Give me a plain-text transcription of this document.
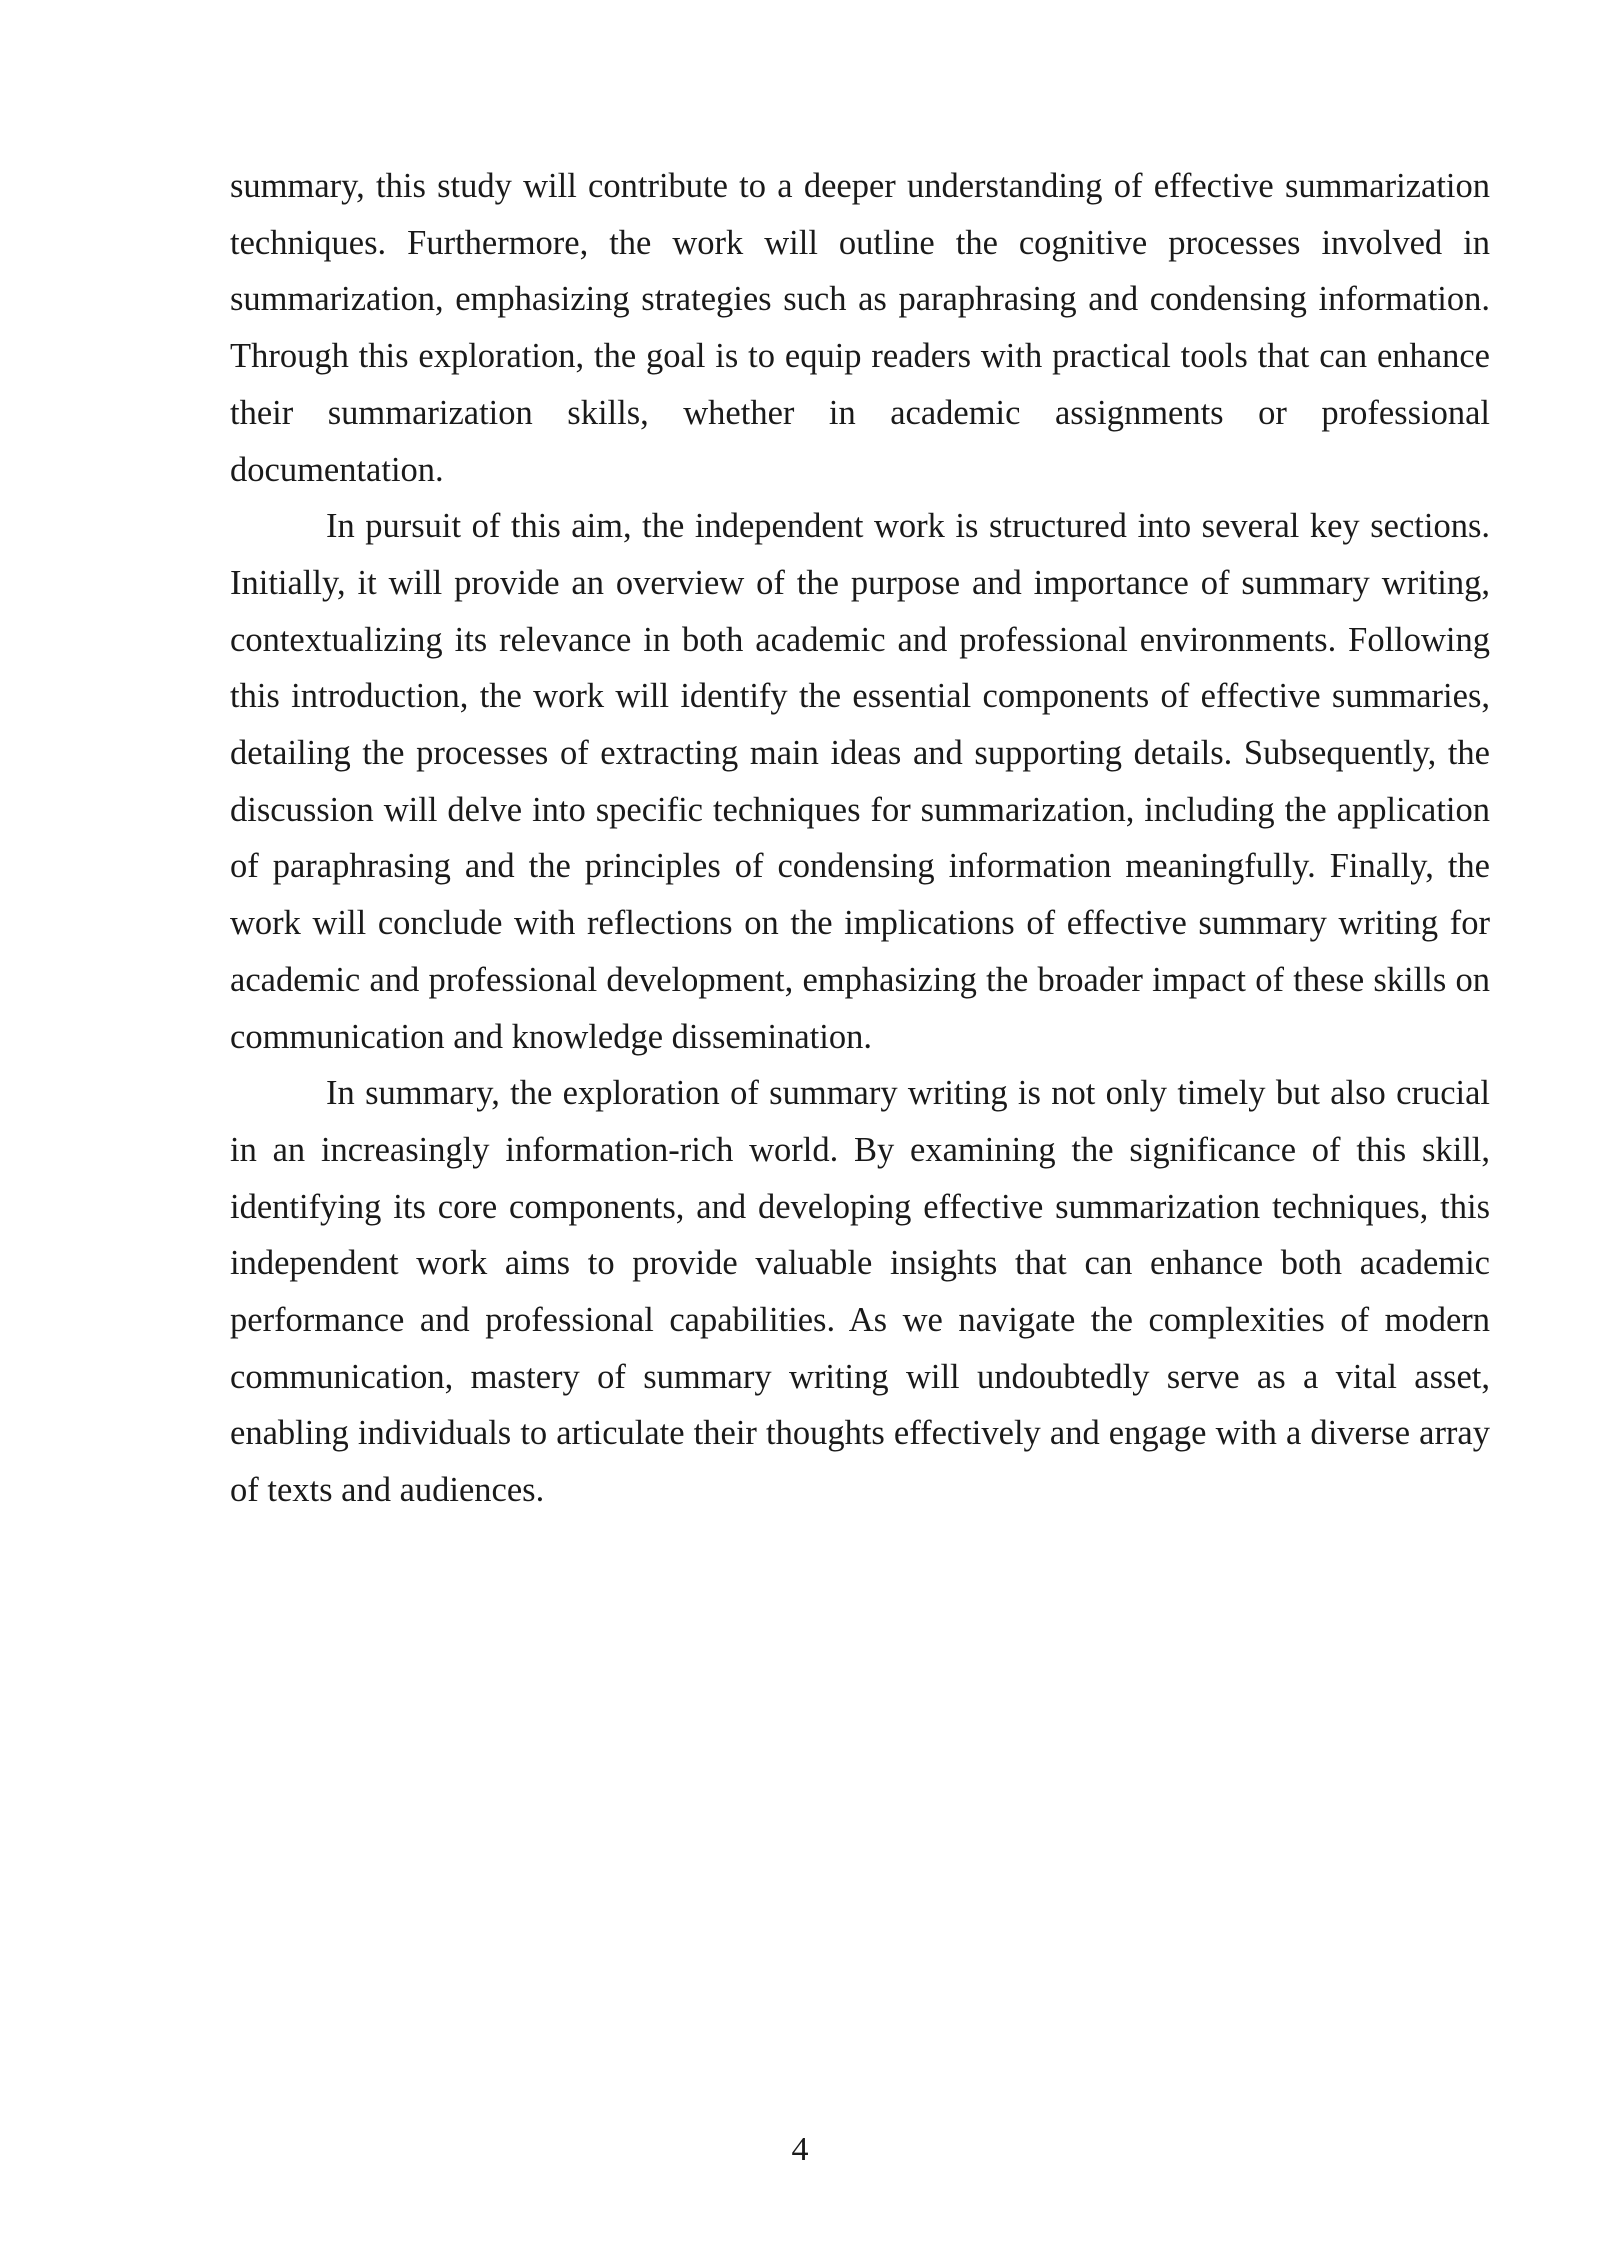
summary, this study will contribute to a deeper understanding of effective summarization techniques. Furthermore, the work will outline the cognitive processes involved in summarization, emphasizing strategies such as paraphrasing and condensing information. Through this exploration, the goal is to equip readers with practical tools that can enhance their summarization skills, whether in academic assignments or professional documentation.

In pursuit of this aim, the independent work is structured into several key sections. Initially, it will provide an overview of the purpose and importance of summary writing, contextualizing its relevance in both academic and professional environments. Following this introduction, the work will identify the essential components of effective summaries, detailing the processes of extracting main ideas and supporting details. Subsequently, the discussion will delve into specific techniques for summarization, including the application of paraphrasing and the principles of condensing information meaningfully. Finally, the work will conclude with reflections on the implications of effective summary writing for academic and professional development, emphasizing the broader impact of these skills on communication and knowledge dissemination.

In summary, the exploration of summary writing is not only timely but also crucial in an increasingly information-rich world. By examining the significance of this skill, identifying its core components, and developing effective summarization techniques, this independent work aims to provide valuable insights that can enhance both academic performance and professional capabilities. As we navigate the complexities of modern communication, mastery of summary writing will undoubtedly serve as a vital asset, enabling individuals to articulate their thoughts effectively and engage with a diverse array of texts and audiences.

4
